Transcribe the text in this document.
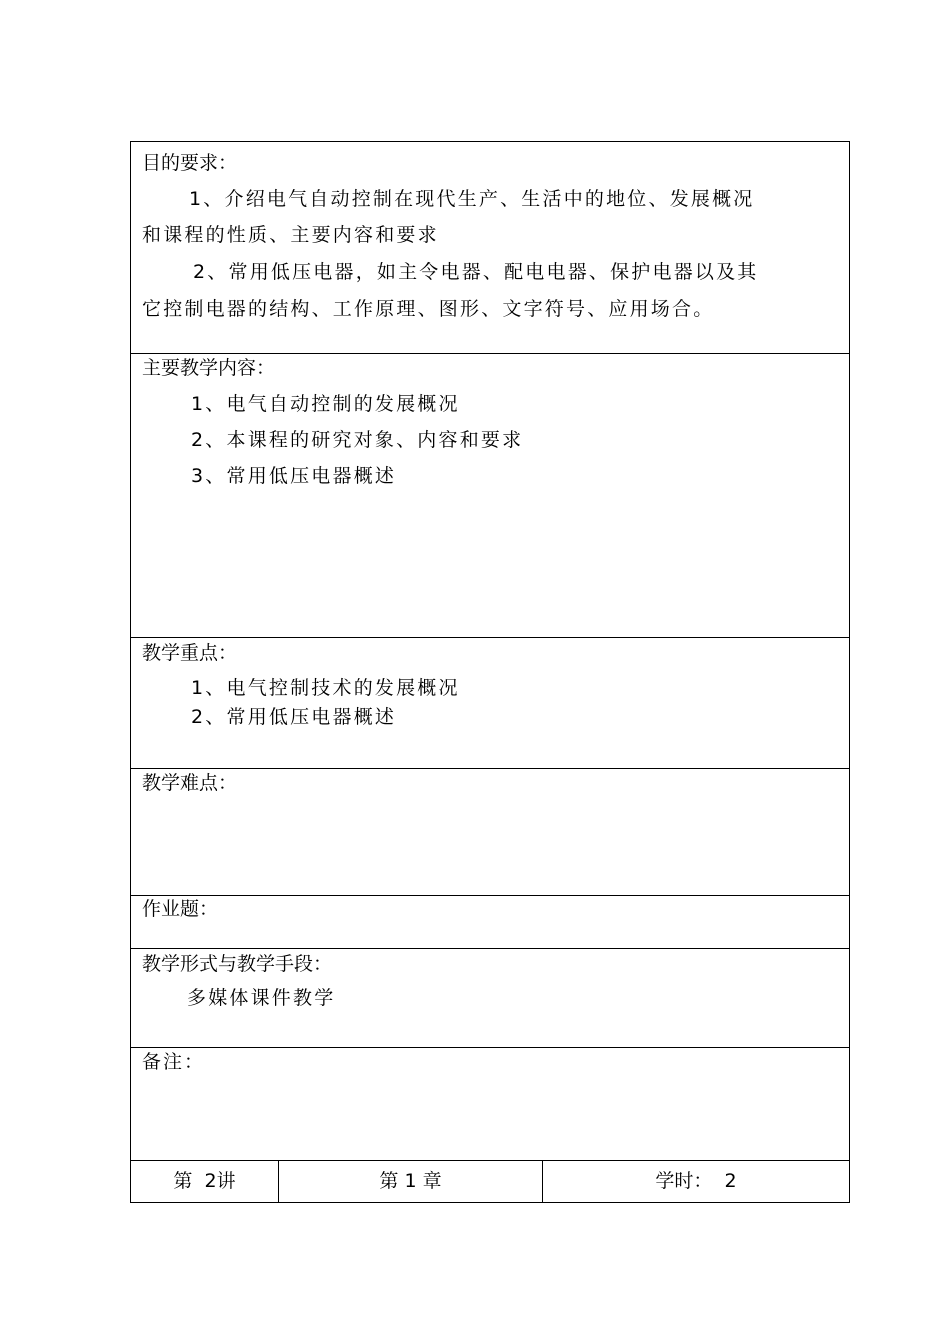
目的要求：
1、介绍电气自动控制在现代生产、生活中的地位、发展概况
和课程的性质、主要内容和要求
2、常用低压电器，如主令电器、配电电器、保护电器以及其
它控制电器的结构、工作原理、图形、文字符号、应用场合。
主要教学内容：
1、电气自动控制的发展概况
2、本课程的研究对象、内容和要求
3、常用低压电器概述
教学重点：
1、电气控制技术的发展概况
2、常用低压电器概述
教学难点：
作业题：
教学形式与教学手段：
多媒体课件教学
备注：
第  2讲	第 1 章	学时：  2
